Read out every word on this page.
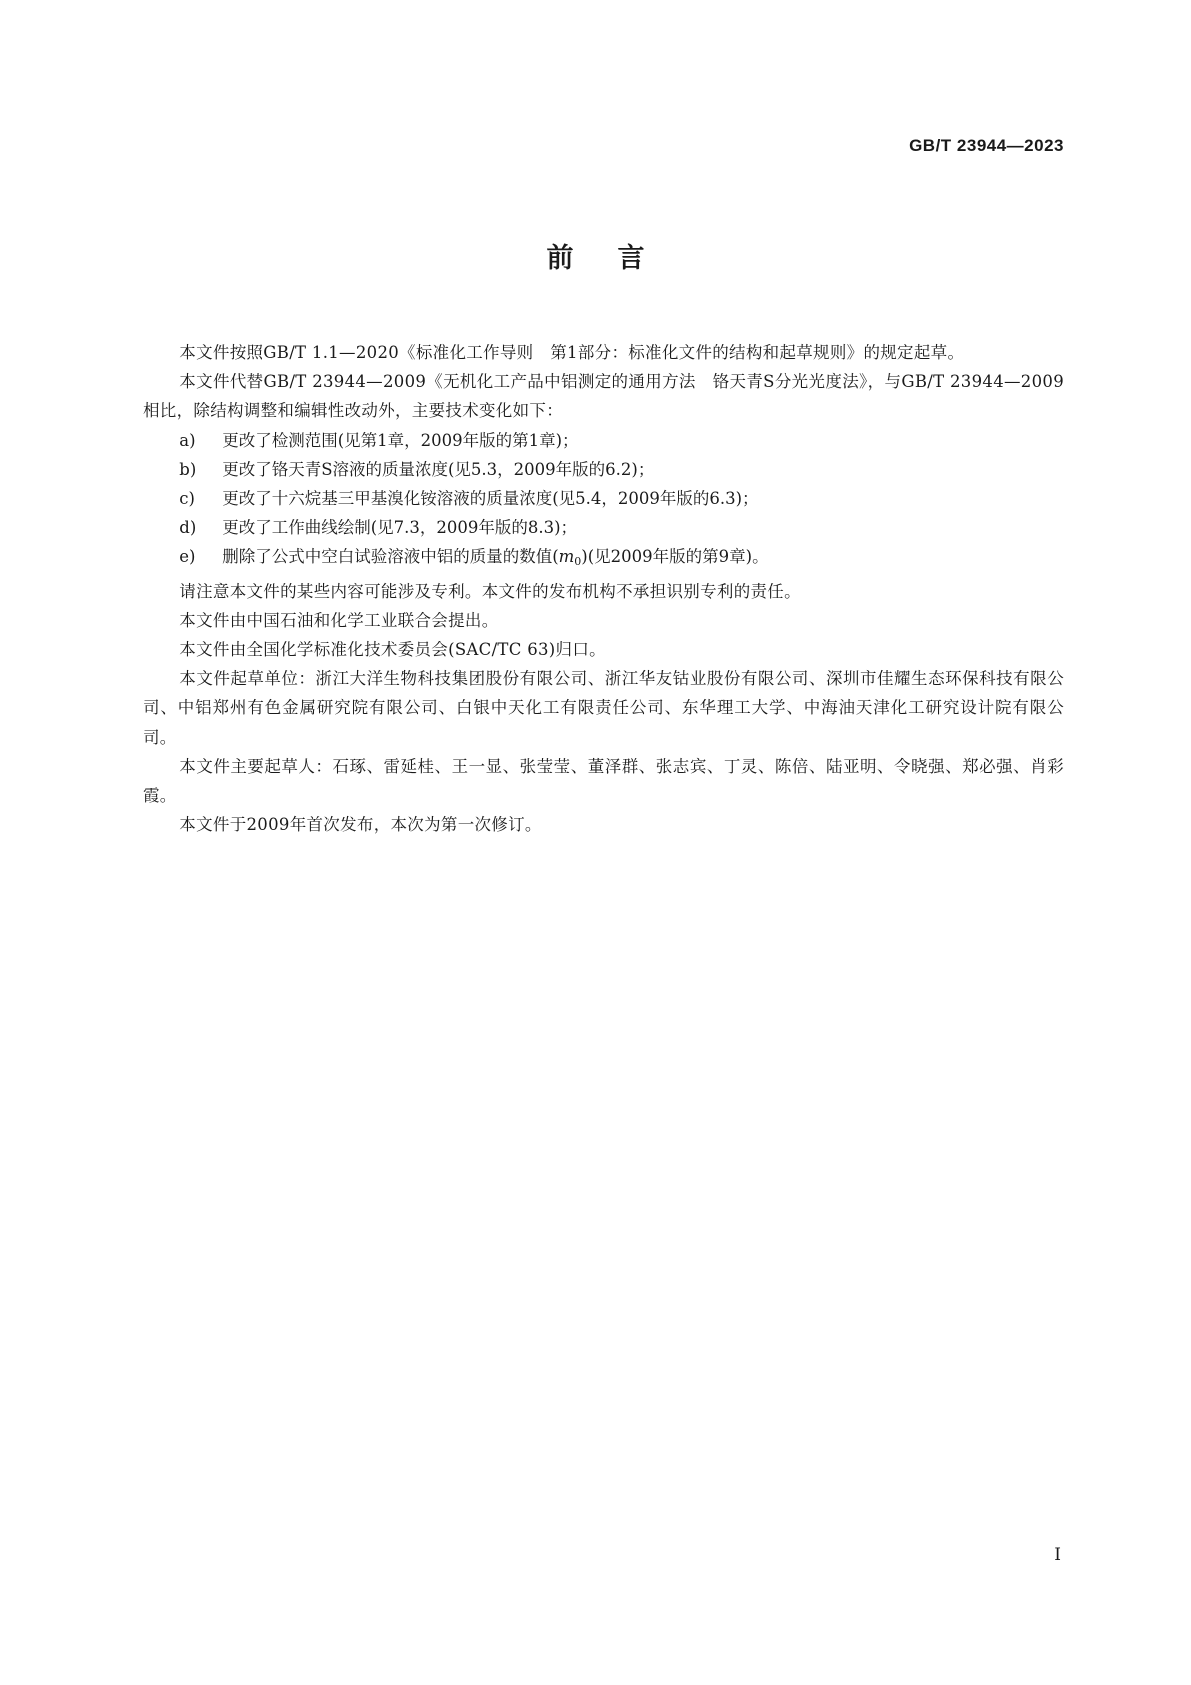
GB/T 23944—2023
前言

本文件按照GB/T 1.1—2020《标准化工作导则　第1部分：标准化文件的结构和起草规则》的规定起草。

本文件代替GB/T 23944—2009《无机化工产品中铝测定的通用方法　铬天青S分光光度法》，与GB/T 23944—2009相比，除结构调整和编辑性改动外，主要技术变化如下：

a) 更改了检测范围(见第1章，2009年版的第1章)；

b) 更改了铬天青S溶液的质量浓度(见5.3，2009年版的6.2)；

c) 更改了十六烷基三甲基溴化铵溶液的质量浓度(见5.4，2009年版的6.3)；

d) 更改了工作曲线绘制(见7.3，2009年版的8.3)；

e) 删除了公式中空白试验溶液中铝的质量的数值$(m_0)$(见2009年版的第9章)。

请注意本文件的某些内容可能涉及专利。本文件的发布机构不承担识别专利的责任。

本文件由中国石油和化学工业联合会提出。

本文件由全国化学标准化技术委员会(SAC/TC 63)归口。

本文件起草单位：浙江大洋生物科技集团股份有限公司、浙江华友钴业股份有限公司、深圳市佳耀生态环保科技有限公司、中铝郑州有色金属研究院有限公司、白银中天化工有限责任公司、东华理工大学、中海油天津化工研究设计院有限公司。

本文件主要起草人：石琢、雷延桂、王一显、张莹莹、董泽群、张志宾、丁灵、陈倍、陆亚明、令晓强、郑必强、肖彩霞。

本文件于2009年首次发布，本次为第一次修订。

Ⅰ
